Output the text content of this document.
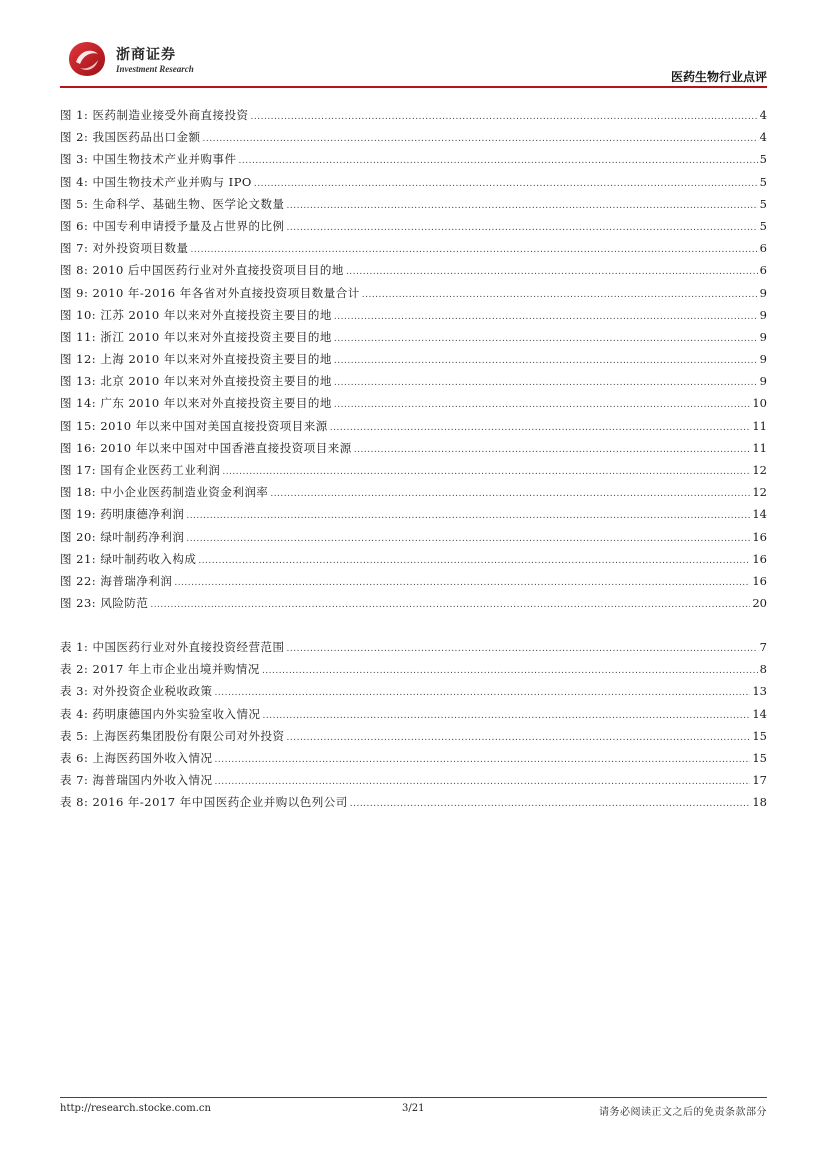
浙商证券
Investment Research
医药生物行业点评
图 1: 医药制造业接受外商直接投资 .....	4
图 2: 我国医药品出口金额 .....	4
图 3: 中国生物技术产业并购事件 .....	5
图 4: 中国生物技术产业并购与 IPO .....	5
图 5: 生命科学、基础生物、医学论文数量 .....	5
图 6: 中国专利申请授予量及占世界的比例 .....	5
图 7: 对外投资项目数量 .....	6
图 8: 2010 后中国医药行业对外直接投资项目目的地 .....	6
图 9: 2010 年-2016 年各省对外直接投资项目数量合计 .....	9
图 10: 江苏 2010 年以来对外直接投资主要目的地 .....	9
图 11: 浙江 2010 年以来对外直接投资主要目的地 .....	9
图 12: 上海 2010 年以来对外直接投资主要目的地 .....	9
图 13: 北京 2010 年以来对外直接投资主要目的地 .....	9
图 14: 广东 2010 年以来对外直接投资主要目的地 .....	10
图 15: 2010 年以来中国对美国直接投资项目来源 .....	11
图 16: 2010 年以来中国对中国香港直接投资项目来源 .....	11
图 17: 国有企业医药工业利润 .....	12
图 18: 中小企业医药制造业资金利润率 .....	12
图 19: 药明康德净利润 .....	14
图 20: 绿叶制药净利润 .....	16
图 21: 绿叶制药收入构成 .....	16
图 22: 海普瑞净利润 .....	16
图 23: 风险防范 .....	20
表 1: 中国医药行业对外直接投资经营范围 .....	7
表 2: 2017 年上市企业出境并购情况 .....	8
表 3: 对外投资企业税收政策 .....	13
表 4: 药明康德国内外实验室收入情况 .....	14
表 5: 上海医药集团股份有限公司对外投资 .....	15
表 6: 上海医药国外收入情况 .....	15
表 7: 海普瑞国内外收入情况 .....	17
表 8: 2016 年-2017 年中国医药企业并购以色列公司 .....	18
http://research.stocke.com.cn	3/21	请务必阅读正文之后的免责条款部分
